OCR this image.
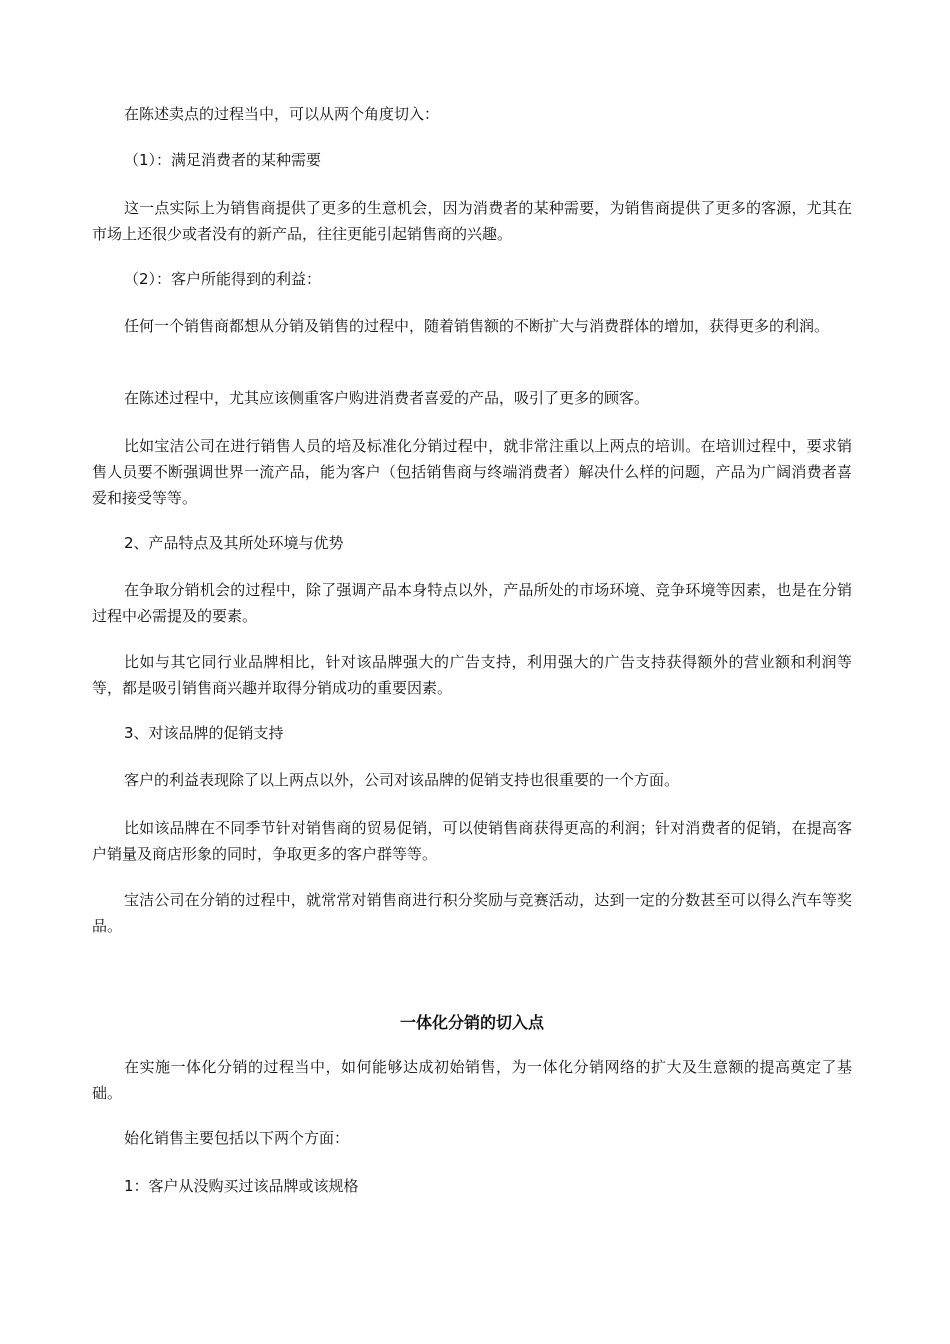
在陈述卖点的过程当中，可以从两个角度切入：

（1）：满足消费者的某种需要

这一点实际上为销售商提供了更多的生意机会，因为消费者的某种需要，为销售商提供了更多的客源，尤其在市场上还很少或者没有的新产品，往往更能引起销售商的兴趣。

（2）：客户所能得到的利益：

任何一个销售商都想从分销及销售的过程中，随着销售额的不断扩大与消费群体的增加，获得更多的利润。

在陈述过程中，尤其应该侧重客户购进消费者喜爱的产品，吸引了更多的顾客。

比如宝洁公司在进行销售人员的培及标准化分销过程中，就非常注重以上两点的培训。在培训过程中，要求销售人员要不断强调世界一流产品，能为客户（包括销售商与终端消费者）解决什么样的问题，产品为广阔消费者喜爱和接受等等。

2、产品特点及其所处环境与优势

在争取分销机会的过程中，除了强调产品本身特点以外，产品所处的市场环境、竞争环境等因素，也是在分销过程中必需提及的要素。

比如与其它同行业品牌相比，针对该品牌强大的广告支持，利用强大的广告支持获得额外的营业额和利润等等，都是吸引销售商兴趣并取得分销成功的重要因素。

3、对该品牌的促销支持

客户的利益表现除了以上两点以外，公司对该品牌的促销支持也很重要的一个方面。

比如该品牌在不同季节针对销售商的贸易促销，可以使销售商获得更高的利润；针对消费者的促销，在提高客户销量及商店形象的同时，争取更多的客户群等等。

宝洁公司在分销的过程中，就常常对销售商进行积分奖励与竞赛活动，达到一定的分数甚至可以得么汽车等奖品。

一体化分销的切入点

在实施一体化分销的过程当中，如何能够达成初始销售，为一体化分销网络的扩大及生意额的提高奠定了基础。

始化销售主要包括以下两个方面：

1：客户从没购买过该品牌或该规格
